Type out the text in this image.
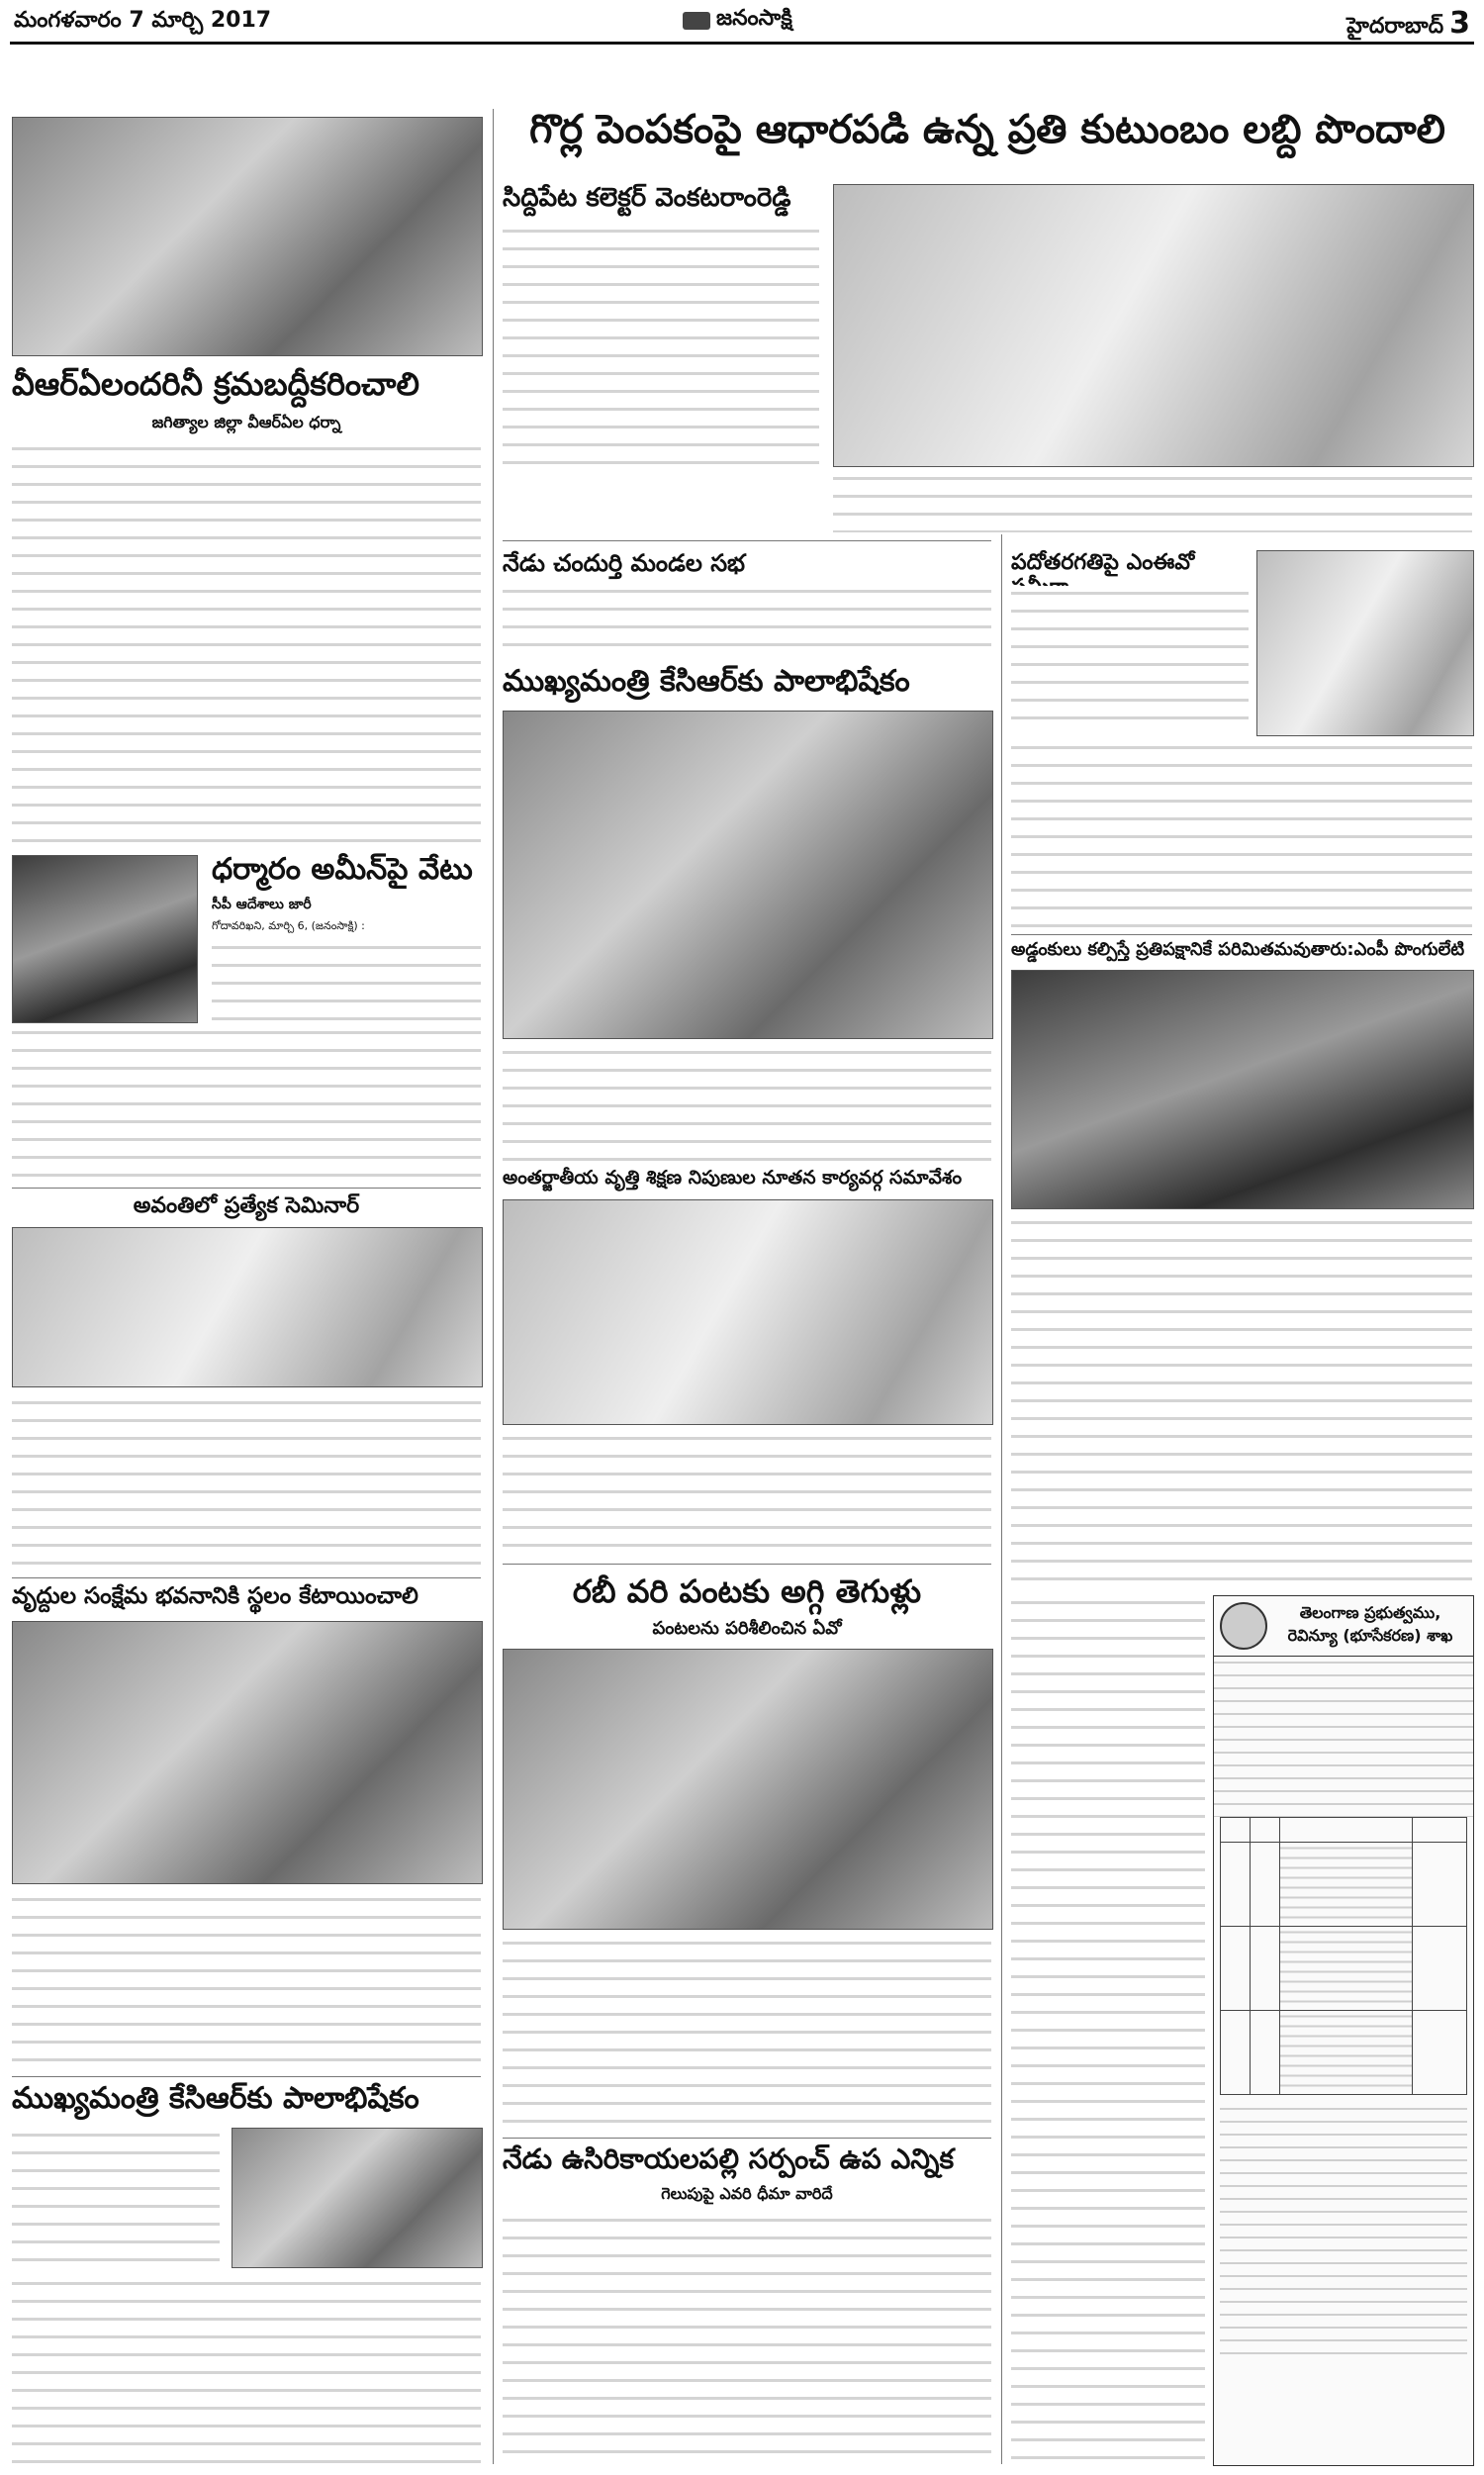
మంగళవారం 7 మార్చి 2017	జనంసాక్షి	హైదరాబాద్ 3
వీఆర్ఏలందరినీ క్రమబద్దీకరించాలి
జగిత్యాల జిల్లా వీఆర్ఏల ధర్నా
ధర్మారం అమీన్‌పై వేటు
సీపీ ఆదేశాలు జారీ
గోదావరిఖని, మార్చి 6, (జనంసాక్షి) :
అవంతిలో ప్రత్యేక సెమినార్
వృద్దుల సంక్షేమ భవనానికి స్థలం కేటాయించాలి
ముఖ్యమంత్రి కేసిఆర్‌కు పాలాభిషేకం
గొర్ల పెంపకంపై ఆధారపడి ఉన్న ప్రతి కుటుంబం లబ్ది పొందాలి
సిద్దిపేట కలెక్టర్ వెంకటరాంరెడ్డి
నేడు చందుర్తి మండల సభ
ముఖ్యమంత్రి కేసిఆర్‌కు పాలాభిషేకం
అంతర్జాతీయ వృత్తి శిక్షణ నిపుణుల నూతన కార్యవర్గ సమావేశం
రబీ వరి పంటకు అగ్గి తెగుళ్లు
పంటలను పరిశీలించిన ఏవో
నేడు ఉసిరికాయలపల్లి సర్పంచ్ ఉప ఎన్నిక
గెలుపుపై ఎవరి ధీమా వారిదే
పదోతరగతిపై ఎంఈవో
అడ్డంకులు కల్పిస్తే ప్రతిపక్షానికే పరిమితమవుతారు:ఎంపీ పొంగులేటి
తెలంగాణ ప్రభుత్వము, రెవిన్యూ (భూసేకరణ) శాఖ
